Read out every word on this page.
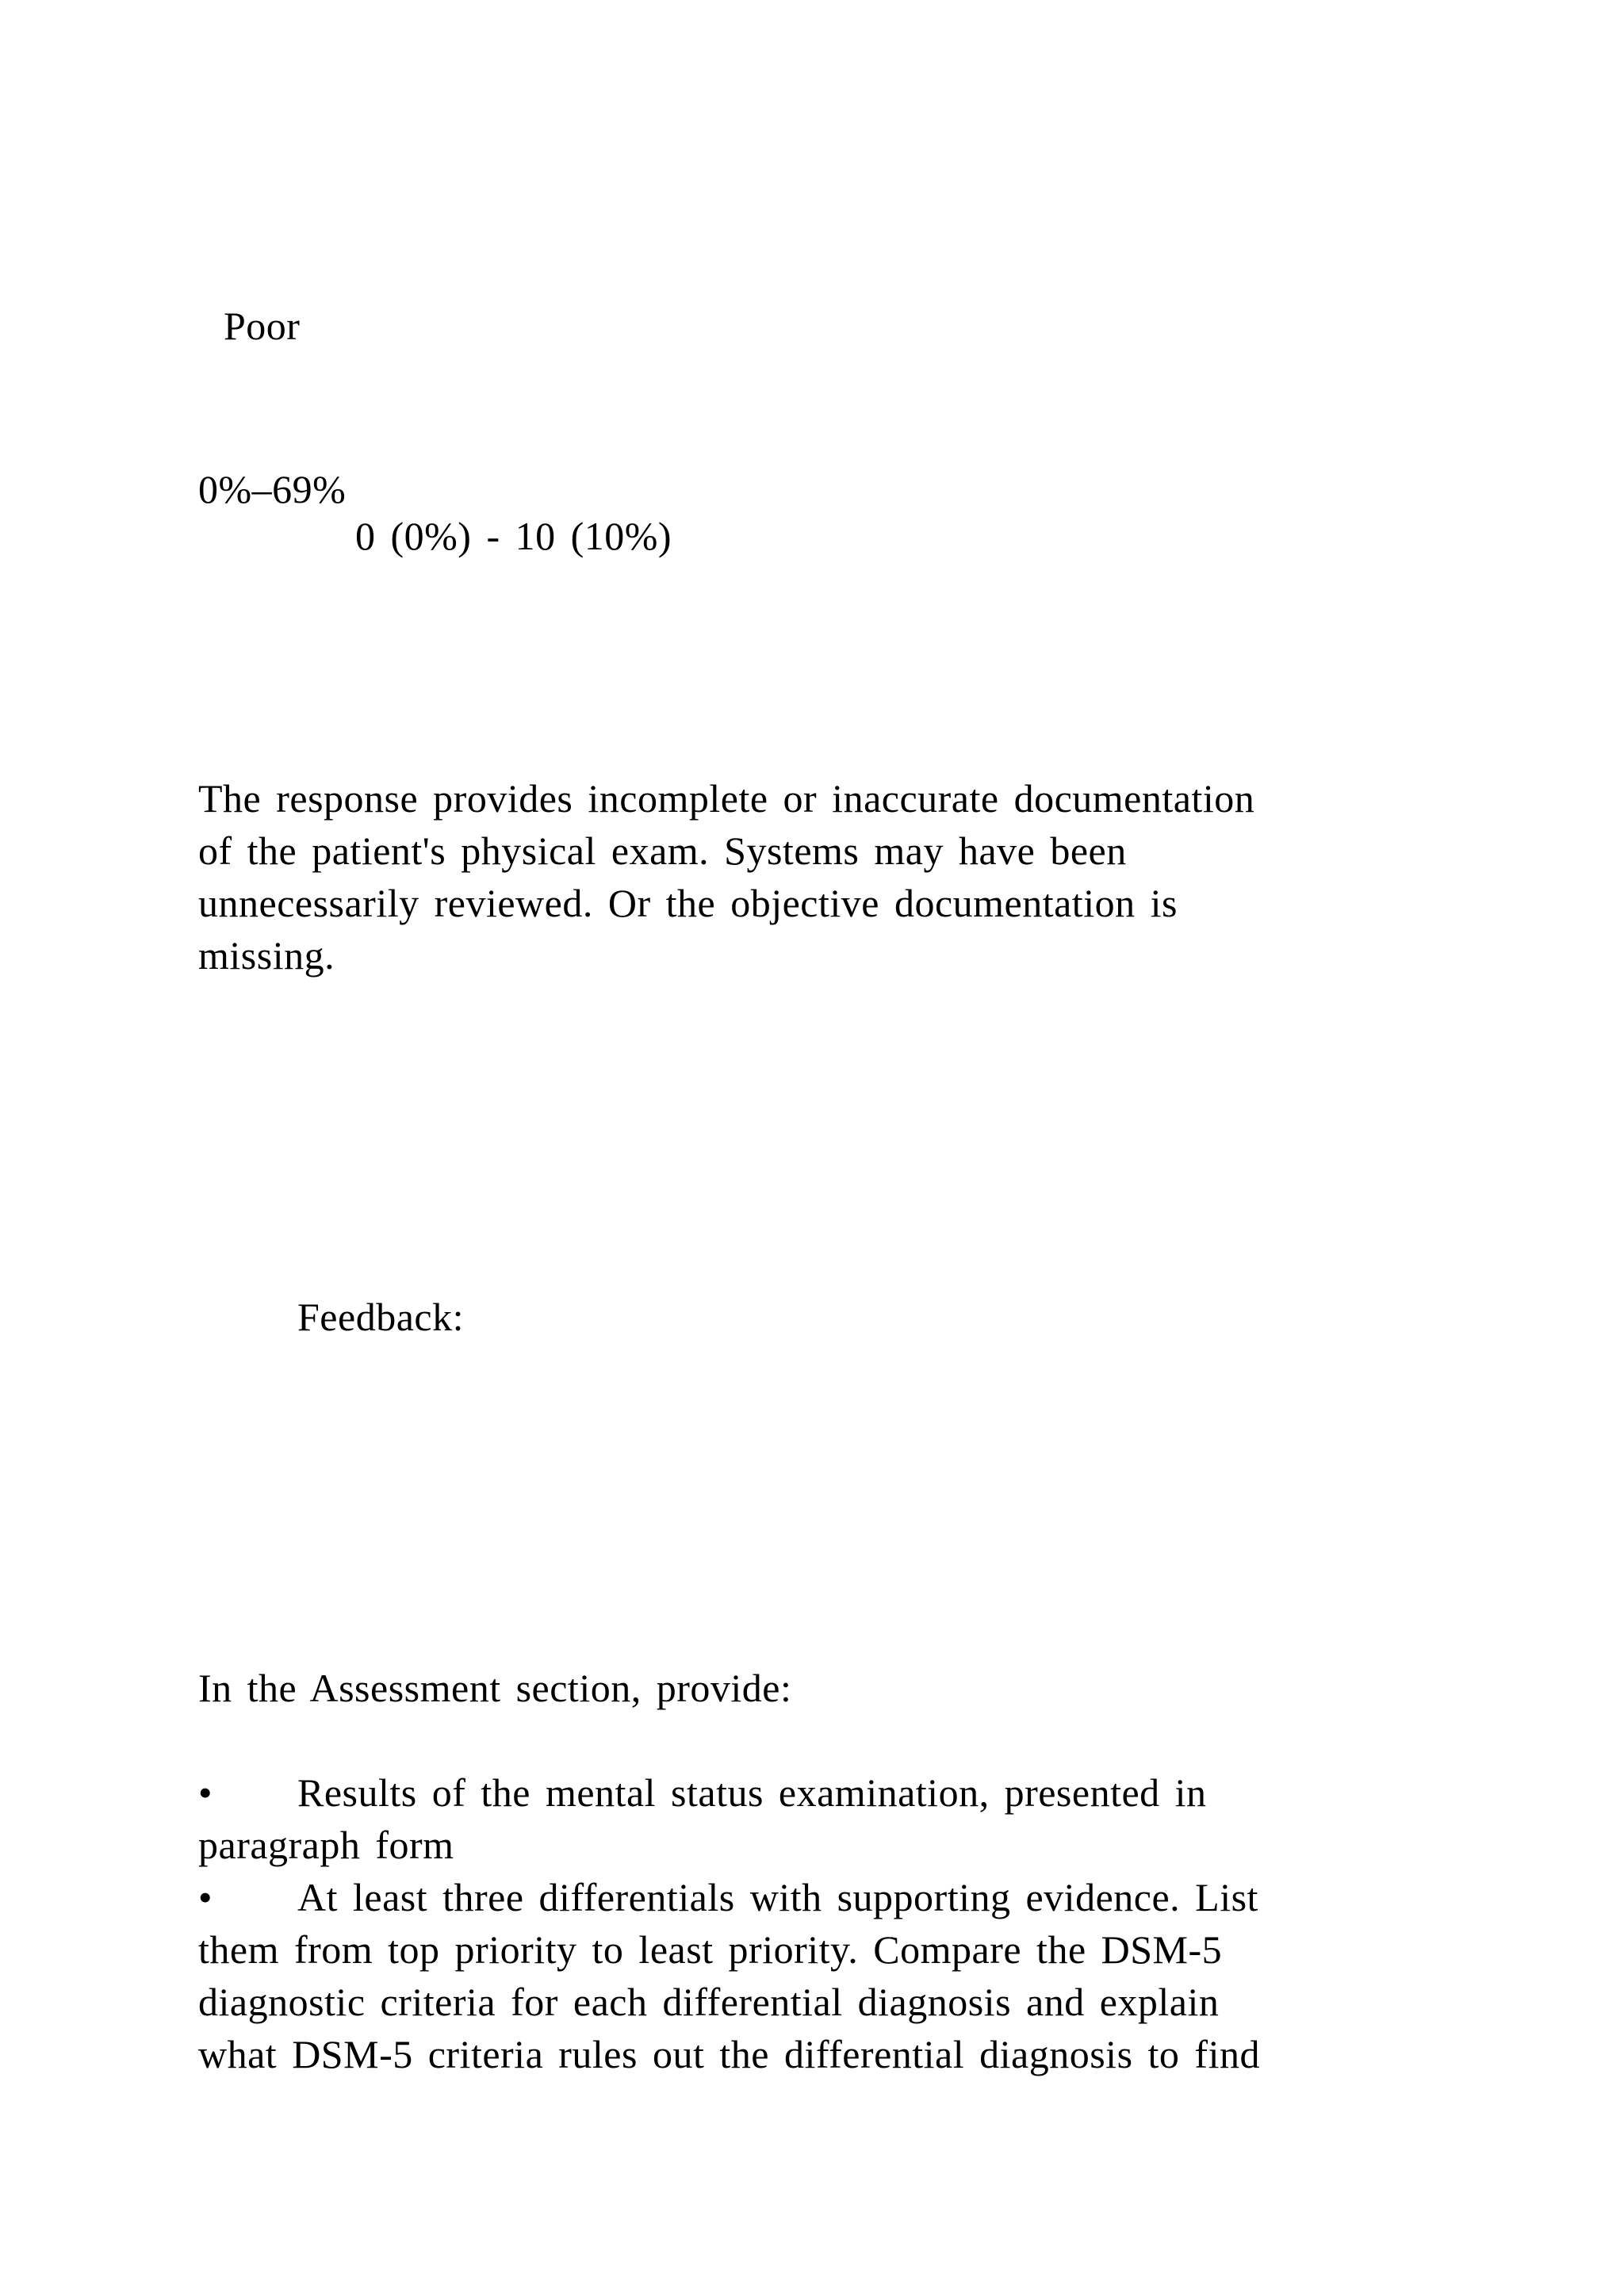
Poor
0%–69%
0 (0%) - 10 (10%)
The response provides incomplete or inaccurate documentation
of the patient's physical exam. Systems may have been
unnecessarily reviewed. Or the objective documentation is
missing.
Feedback:
In the Assessment section, provide:

• Results of the mental status examination, presented in
paragraph form
• At least three differentials with supporting evidence. List
them from top priority to least priority. Compare the DSM-5
diagnostic criteria for each differential diagnosis and explain
what DSM-5 criteria rules out the differential diagnosis to find
